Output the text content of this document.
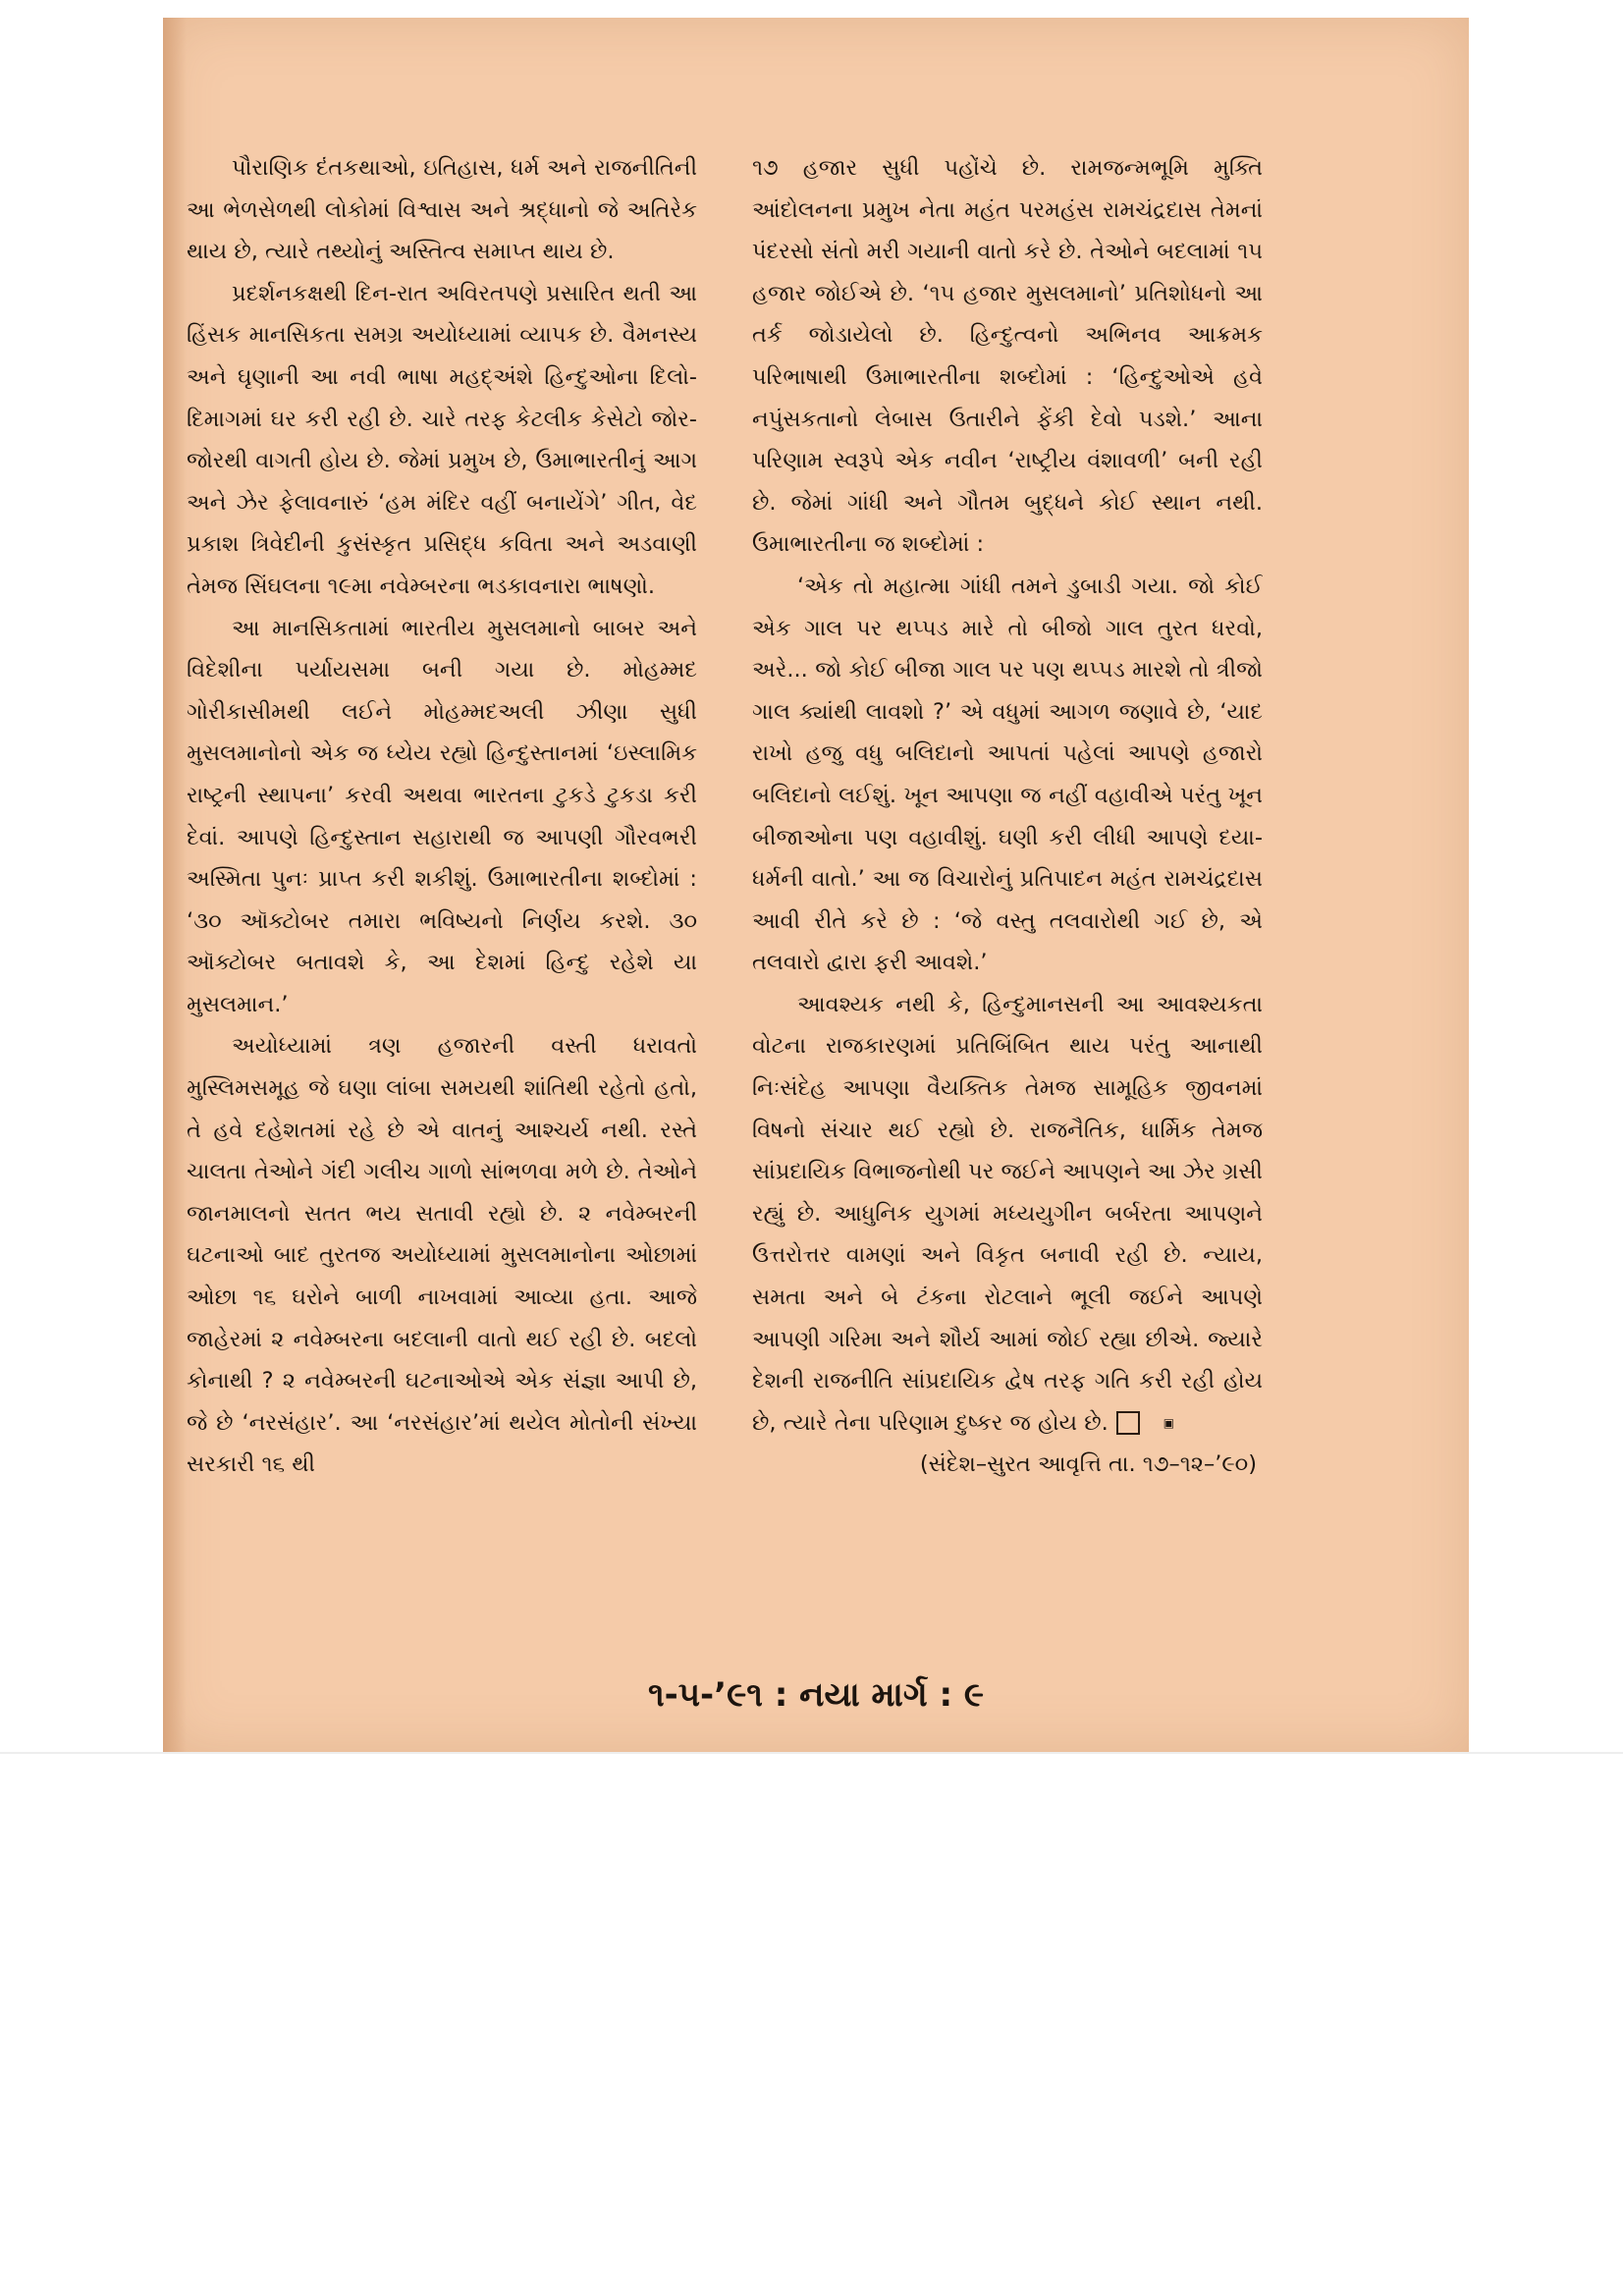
પૌરાણિક દંતકથાઓ, ઇતિહાસ, ધર્મ અને રાજનીતિની આ ભેળસેળથી લોકોમાં વિશ્વાસ અને શ્રદ્ધાનો જે અતિરેક થાય છે, ત્યારે તથ્યોનું અસ્તિત્વ સમાપ્ત થાય છે.

પ્રદર્શનકક્ષથી દિન-રાત અવિરતપણે પ્રસારિત થતી આ હિંસક માનસિકતા સમગ્ર અયોધ્યામાં વ્યાપક છે. વૈમનસ્ય અને ઘૃણાની આ નવી ભાષા મહદ્અંશે હિન્દુઓના દિલો-દિમાગમાં ઘર કરી રહી છે. ચારે તરફ કેટલીક કેસેટો જોર-જોરથી વાગતી હોય છે. જેમાં પ્રમુખ છે, ઉમાભારતીનું આગ અને ઝેર ફેલાવનારું ‘હમ મંદિર વહીં બનાયેંગે’ ગીત, વેદ પ્રકાશ ત્રિવેદીની કુસંસ્કૃત પ્રસિદ્ધ કવિતા અને અડવાણી તેમજ સિંઘલના ૧૯મા નવેમ્બરના ભડકાવનારા ભાષણો.

આ માનસિકતામાં ભારતીય મુસલમાનો બાબર અને વિદેશીના પર્યાયસમા બની ગયા છે. મોહમ્મદ ગોરીકાસીમથી લઈને મોહમ્મદઅલી ઝીણા સુધી મુસલમાનોનો એક જ ધ્યેય રહ્યો હિન્દુસ્તાનમાં ‘ઇસ્લામિક રાષ્ટ્રની સ્થાપના’ કરવી અથવા ભારતના ટુકડે ટુકડા કરી દેવાં. આપણે હિન્દુસ્તાન સહારાથી જ આપણી ગૌરવભરી અસ્મિતા પુનઃ પ્રાપ્ત કરી શકીશું. ઉમાભારતીના શબ્દોમાં : ‘૩૦ ઑક્ટોબર તમારા ભવિષ્યનો નિર્ણય કરશે. ૩૦ ઑક્ટોબર બતાવશે કે, આ દેશમાં હિન્દુ રહેશે યા મુસલમાન.’

અયોધ્યામાં ત્રણ હજારની વસ્તી ધરાવતો મુસ્લિમસમૂહ જે ઘણા લાંબા સમયથી શાંતિથી રહેતો હતો, તે હવે દહેશતમાં રહે છે એ વાતનું આશ્ચર્ય નથી. રસ્તે ચાલતા તેઓને ગંદી ગલીચ ગાળો સાંભળવા મળે છે. તેઓને જાનમાલનો સતત ભય સતાવી રહ્યો છે. ૨ નવેમ્બરની ઘટનાઓ બાદ તુરતજ અયોધ્યામાં મુસલમાનોના ઓછામાં ઓછા ૧૬ ઘરોને બાળી નાખવામાં આવ્યા હતા. આજે જાહેરમાં ૨ નવેમ્બરના બદલાની વાતો થઈ રહી છે. બદલો કોનાથી ? ૨ નવેમ્બરની ઘટનાઓએ એક સંજ્ઞા આપી છે, જે છે ‘નરસંહાર’. આ ‘નરસંહાર’માં થયેલ મોતોની સંખ્યા સરકારી ૧૬ થી

૧૭ હજાર સુધી પહોંચે છે. રામજન્મભૂમિ મુક્તિ આંદોલનના પ્રમુખ નેતા મહંત પરમહંસ રામચંદ્રદાસ તેમનાં પંદરસો સંતો મરી ગયાની વાતો કરે છે. તેઓને બદલામાં ૧૫ હજાર જોઈએ છે. ‘૧૫ હજાર મુસલમાનો’ પ્રતિશોધનો આ તર્ક જોડાયેલો છે. હિન્દુત્વનો અભિનવ આક્રમક પરિભાષાથી ઉમાભારતીના શબ્દોમાં : ‘હિન્દુઓએ હવે નપુંસકતાનો લેબાસ ઉતારીને ફેંકી દેવો પડશે.’ આના પરિણામ સ્વરૂપે એક નવીન ‘રાષ્ટ્રીય વંશાવળી’ બની રહી છે. જેમાં ગાંધી અને ગૌતમ બુદ્ધને કોઈ સ્થાન નથી. ઉમાભારતીના જ શબ્દોમાં :

‘એક તો મહાત્મા ગાંધી તમને ડુબાડી ગયા. જો કોઈ એક ગાલ પર થપ્પડ મારે તો બીજો ગાલ તુરત ધરવો, અરે... જો કોઈ બીજા ગાલ પર પણ થપ્પડ મારશે તો ત્રીજો ગાલ ક્યાંથી લાવશો ?’ એ વધુમાં આગળ જણાવે છે, ‘યાદ રાખો હજુ વધુ બલિદાનો આપતાં પહેલાં આપણે હજારો બલિદાનો લઈશું. ખૂન આપણા જ નહીં વહાવીએ પરંતુ ખૂન બીજાઓના પણ વહાવીશું. ઘણી કરી લીધી આપણે દયા-ધર્મની વાતો.’ આ જ વિચારોનું પ્રતિપાદન મહંત રામચંદ્રદાસ આવી રીતે કરે છે : ‘જે વસ્તુ તલવારોથી ગઈ છે, એ તલવારો દ્વારા ફરી આવશે.’

આવશ્યક નથી કે, હિન્દુમાનસની આ આવશ્યકતા વોટના રાજકારણમાં પ્રતિબિંબિત થાય પરંતુ આનાથી નિઃસંદેહ આપણા વૈયક્તિક તેમજ સામૂહિક જીવનમાં વિષનો સંચાર થઈ રહ્યો છે. રાજનૈતિક, ધાર્મિક તેમજ સાંપ્રદાયિક વિભાજનોથી પર જઈને આપણને આ ઝેર ગ્રસી રહ્યું છે. આધુનિક યુગમાં મધ્યયુગીન બર્બરતા આપણને ઉત્તરોત્તર વામણાં અને વિકૃત બનાવી રહી છે. ન્યાય, સમતા અને બે ટંકના રોટલાને ભૂલી જઈને આપણે આપણી ગરિમા અને શૌર્ય આમાં જોઈ રહ્યા છીએ. જ્યારે દેશની રાજનીતિ સાંપ્રદાયિક દ્વેષ તરફ ગતિ કરી રહી હોય છે, ત્યારે તેના પરિણામ દુષ્કર જ હોય છે.	▣

(સંદેશ–સુરત આવૃત્તિ તા. ૧૭–૧૨–’૯૦)

૧-૫-’૯૧ : નયા માર્ગ : ૯
